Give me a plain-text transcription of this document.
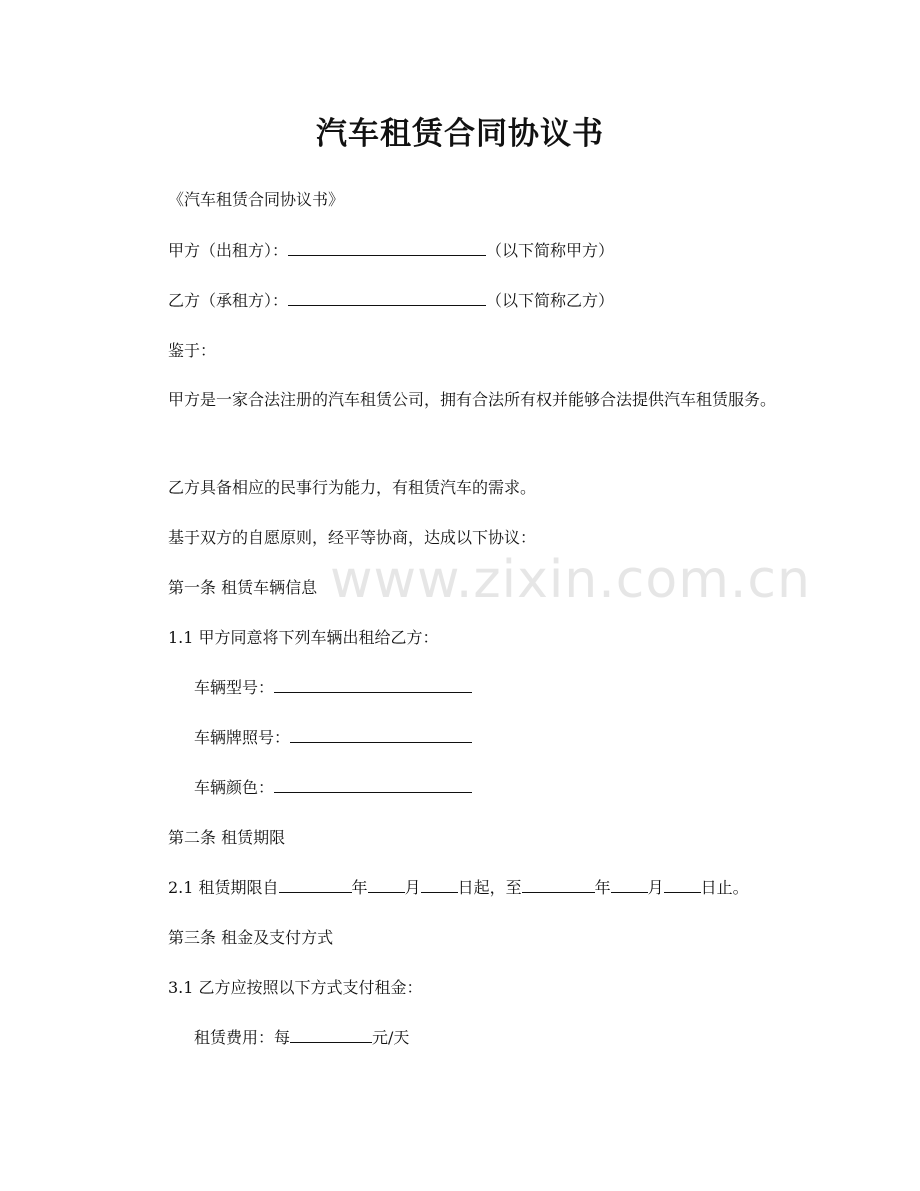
汽车租赁合同协议书
www.zixin.com.cn
《汽车租赁合同协议书》
甲方（出租方）：	（以下简称甲方）
乙方（承租方）：	（以下简称乙方）
鉴于：
甲方是一家合法注册的汽车租赁公司，拥有合法所有权并能够合法提供汽车租赁服务。
乙方具备相应的民事行为能力，有租赁汽车的需求。
基于双方的自愿原则，经平等协商，达成以下协议：
第一条 租赁车辆信息
1.1 甲方同意将下列车辆出租给乙方：
车辆型号：
车辆牌照号：
车辆颜色：
第二条 租赁期限
2.1 租赁期限自	年 月 日起，至	年 月 日止。
第三条 租金及支付方式
3.1 乙方应按照以下方式支付租金：
租赁费用：每	元/天
